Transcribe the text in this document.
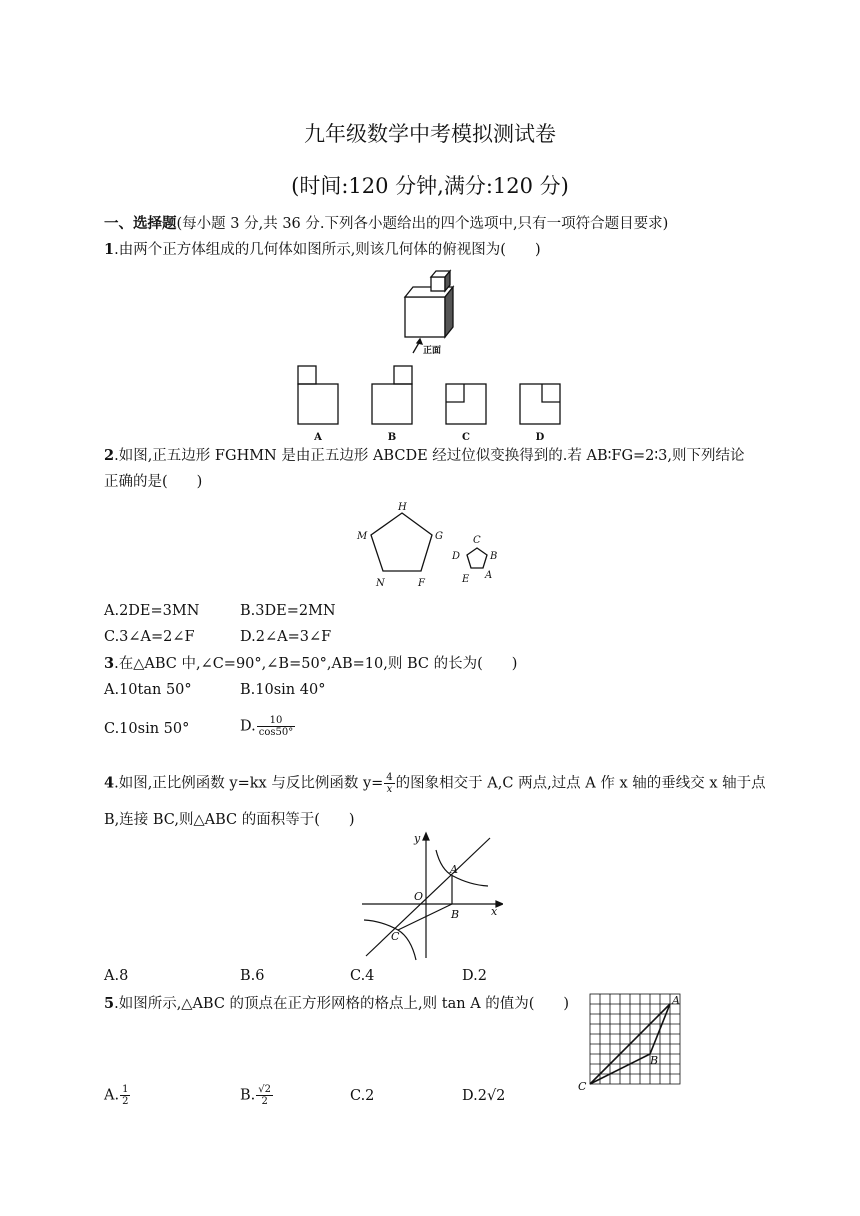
九年级数学中考模拟测试卷
(时间:120 分钟,满分:120 分)
一、选择题(每小题 3 分,共 36 分.下列各小题给出的四个选项中,只有一项符合题目要求)
1.由两个正方体组成的几何体如图所示,则该几何体的俯视图为(　　)
正面
A	B	C	D
2.如图,正五边形 FGHMN 是由正五边形 ABCDE 经过位似变换得到的.若 AB∶FG=2∶3,则下列结论
正确的是(　　)
H
G
F
N
M	C
B
A
E
D
A.2DE=3MN	B.3DE=2MN
C.3∠A=2∠F	D.2∠A=3∠F
3.在△ABC 中,∠C=90°,∠B=50°,AB=10,则 BC 的长为(　　)
A.10tan 50°	B.10sin 40°
C.10sin 50°	D. $\frac{10}{\cos 50^\circ}$
4.如图,正比例函数 y=kx 与反比例函数 $y= \frac{4}{x}$ 的图象相交于 A,C 两点,过点 A 作 x 轴的垂线交 x 轴于点
B,连接 BC,则△ABC 的面积等于(　　)
y
x
O
A
B
C
A.8	B.6	C.4	D.2
5.如图所示,△ABC 的顶点在正方形网格的格点上,则 tan A 的值为(　　)	A
B
C
A. $\frac{1}{2}$	B. $\frac{√2}{2}$	C.2	D.2√2
